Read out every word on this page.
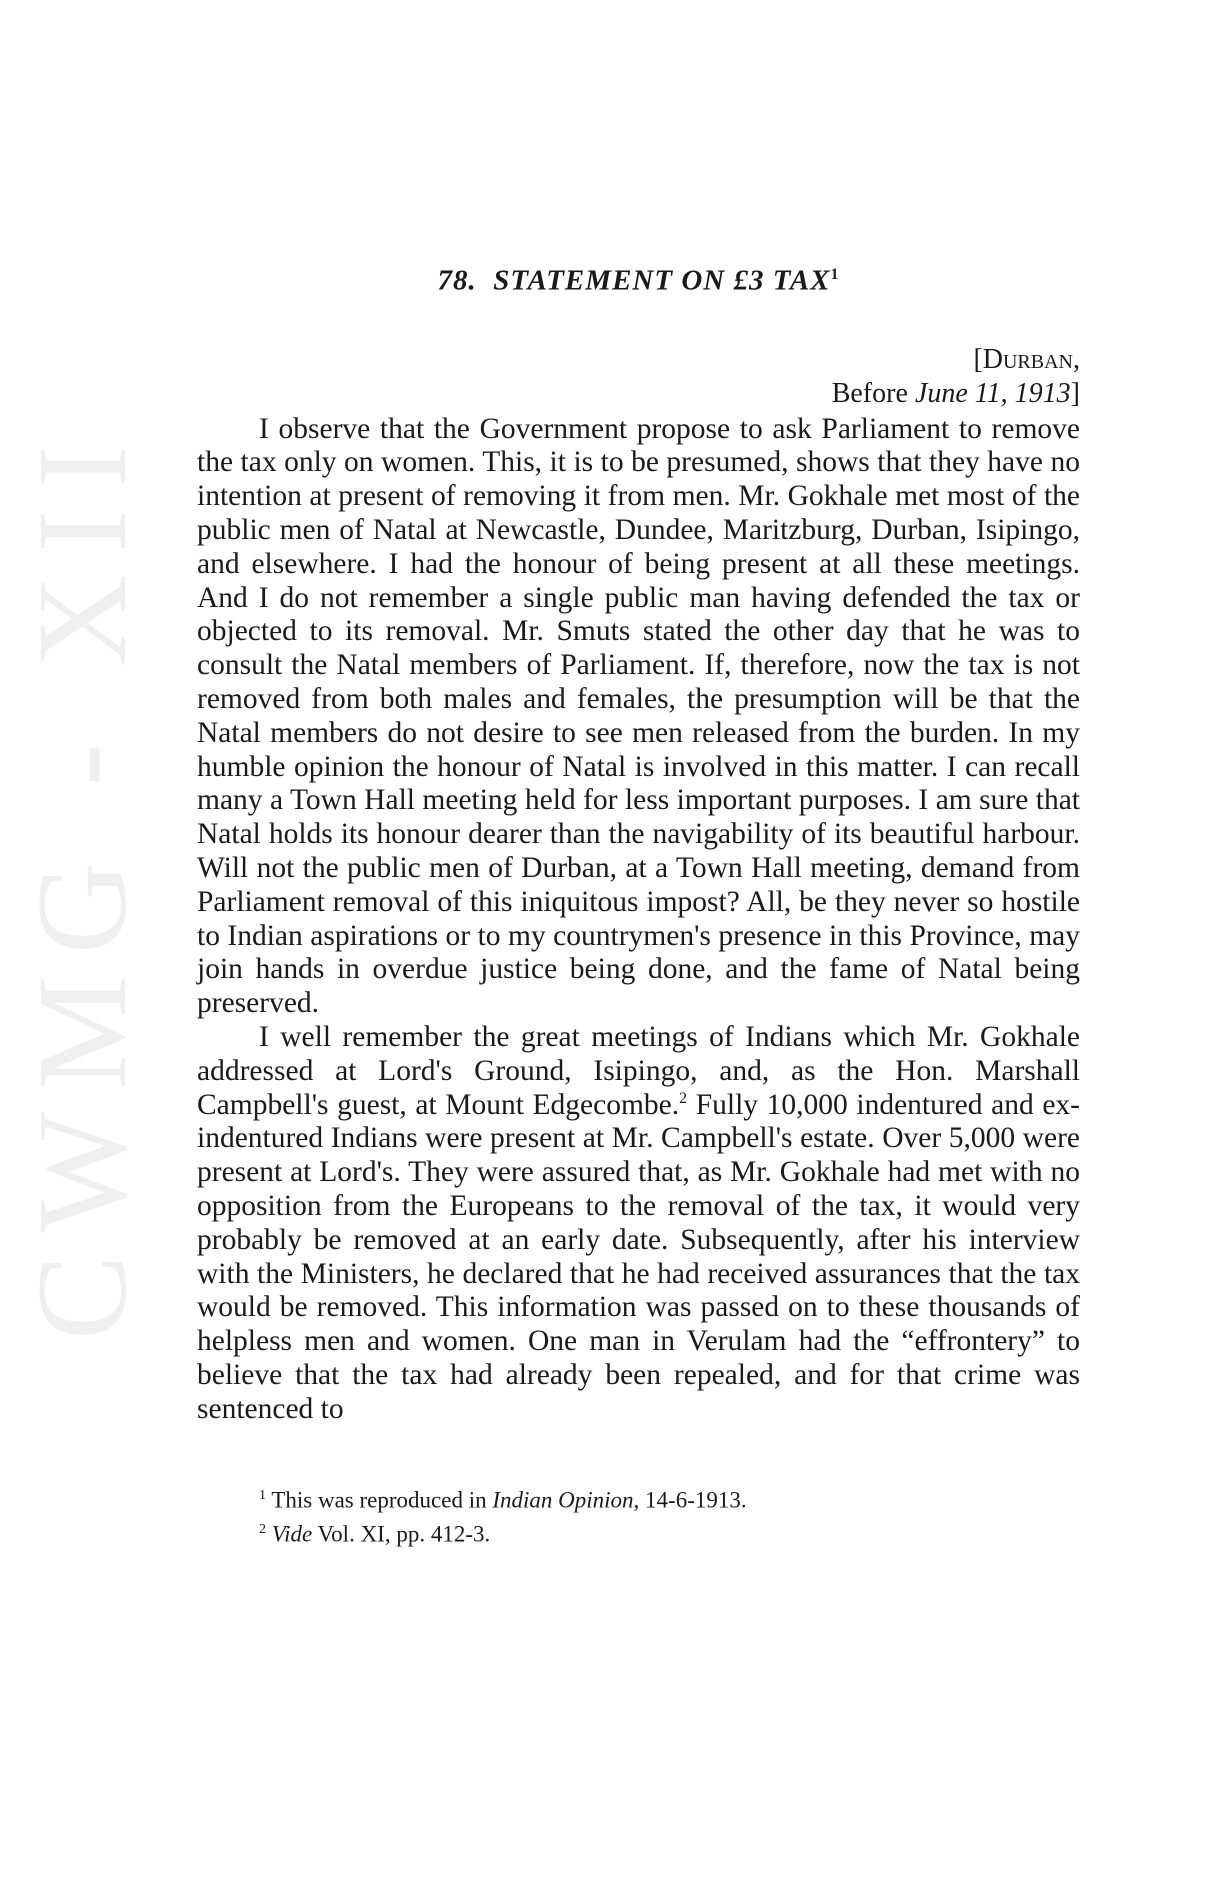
CWMG - XII
78. STATEMENT ON £3 TAX$^1$
[Durban,
Before June 11, 1913]

I observe that the Government propose to ask Parliament to remove the tax only on women. This, it is to be presumed, shows that they have no intention at present of removing it from men. Mr. Gokhale met most of the public men of Natal at Newcastle, Dundee, Maritzburg, Durban, Isipingo, and elsewhere. I had the honour of being present at all these meetings. And I do not remember a single public man having defended the tax or objected to its removal. Mr. Smuts stated the other day that he was to consult the Natal members of Parliament. If, therefore, now the tax is not removed from both males and females, the presumption will be that the Natal members do not desire to see men released from the burden. In my humble opinion the honour of Natal is involved in this matter. I can recall many a Town Hall meeting held for less important purposes. I am sure that Natal holds its honour dearer than the navigability of its beautiful harbour. Will not the public men of Durban, at a Town Hall meeting, demand from Parliament removal of this iniquitous impost? All, be they never so hostile to Indian aspirations or to my countrymen's presence in this Province, may join hands in overdue justice being done, and the fame of Natal being preserved.

I well remember the great meetings of Indians which Mr. Gokhale addressed at Lord's Ground, Isipingo, and, as the Hon. Marshall Campbell's guest, at Mount Edgecombe.$^2$ Fully 10,000 indentured and ex-indentured Indians were present at Mr. Campbell's estate. Over 5,000 were present at Lord's. They were assured that, as Mr. Gokhale had met with no opposition from the Europeans to the removal of the tax, it would very probably be removed at an early date. Subsequently, after his interview with the Ministers, he declared that he had received assurances that the tax would be removed. This information was passed on to these thousands of helpless men and women. One man in Verulam had the “effrontery” to believe that the tax had already been repealed, and for that crime was sentenced to

$^1$ This was reproduced in Indian Opinion, 14-6-1913.
$^2$ Vide Vol. XI, pp. 412-3.
